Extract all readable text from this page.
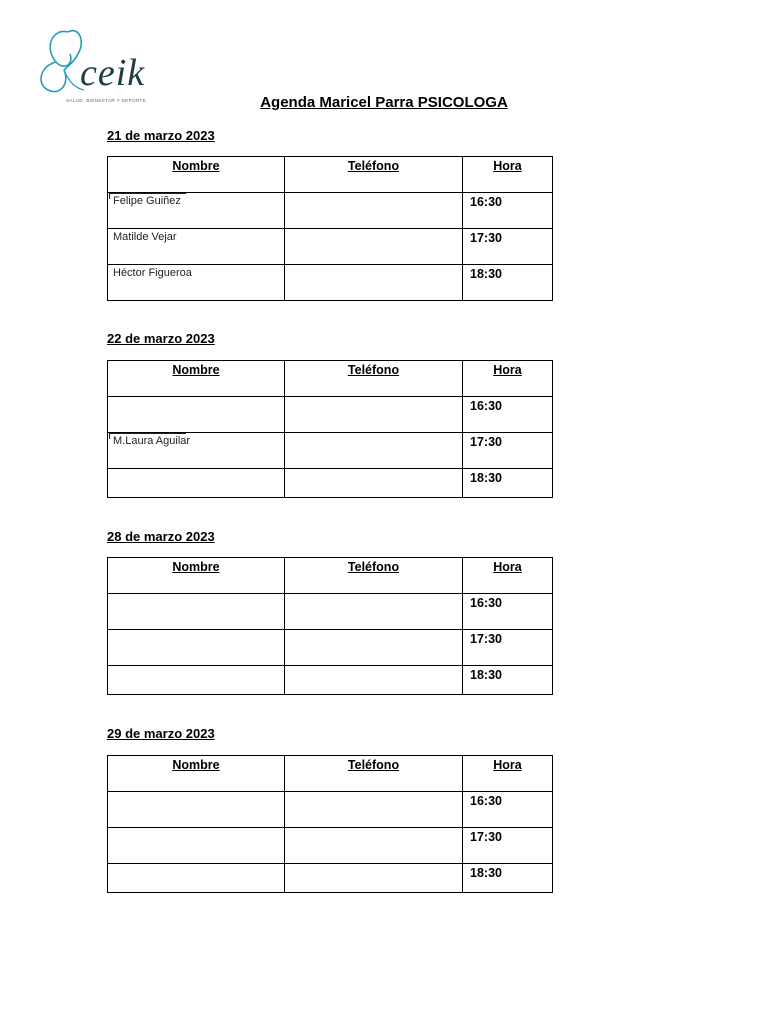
ceik
SALUD, BIENESTAR Y DEPORTE	Agenda Maricel Parra PSICOLOGA
21 de marzo 2023
Nombre	Teléfono	Hora

Felipe Guiñez		16:30

Matilde Vejar		17:30

Héctor Figueroa		18:30
22 de marzo 2023
Nombre	Teléfono	Hora

		16:30

M.Laura Aguilar		17:30

		18:30
28 de marzo 2023
Nombre	Teléfono	Hora

		16:30

		17:30

		18:30
29 de marzo 2023
Nombre	Teléfono	Hora

		16:30

		17:30

		18:30
